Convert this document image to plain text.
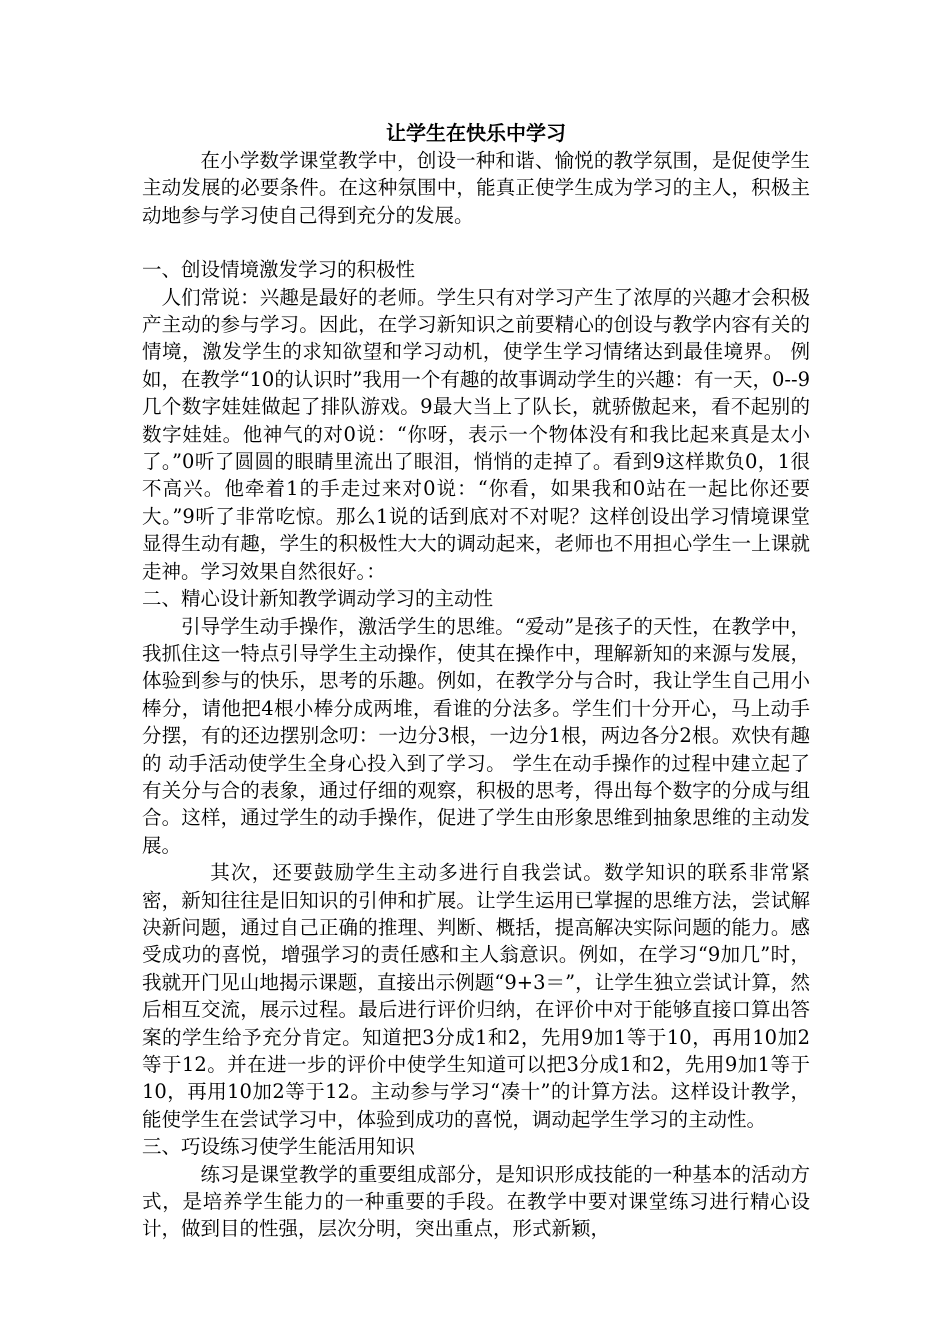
让学生在快乐中学习

在小学数学课堂教学中，创设一种和谐、愉悦的教学氛围，是促使学生主动发展的必要条件。在这种氛围中，能真正使学生成为学习的主人，积极主动地参与学习使自己得到充分的发展。

一、创设情境激发学习的积极性

人们常说：兴趣是最好的老师。学生只有对学习产生了浓厚的兴趣才会积极产主动的参与学习。因此，在学习新知识之前要精心的创设与教学内容有关的情境，激发学生的求知欲望和学习动机，使学生学习情绪达到最佳境界。 例如，在教学“10的认识时”我用一个有趣的故事调动学生的兴趣：有一天，0--9几个数字娃娃做起了排队游戏。9最大当上了队长，就骄傲起来，看不起别的数字娃娃。他神气的对0说：“你呀，表示一个物体没有和我比起来真是太小了。”0听了圆圆的眼睛里流出了眼泪，悄悄的走掉了。看到9这样欺负0，1很不高兴。他牵着1的手走过来对0说：“你看，如果我和0站在一起比你还要大。”9听了非常吃惊。那么1说的话到底对不对呢？这样创设出学习情境课堂显得生动有趣，学生的积极性大大的调动起来，老师也不用担心学生一上课就走神。学习效果自然很好。：

二、精心设计新知教学调动学习的主动性

引导学生动手操作，激活学生的思维。“爱动”是孩子的天性，在教学中，我抓住这一特点引导学生主动操作，使其在操作中，理解新知的来源与发展，体验到参与的快乐，思考的乐趣。例如，在教学分与合时，我让学生自己用小棒分，请他把4根小棒分成两堆，看谁的分法多。学生们十分开心，马上动手分摆，有的还边摆别念叨：一边分3根，一边分1根，两边各分2根。欢快有趣的 动手活动使学生全身心投入到了学习。 学生在动手操作的过程中建立起了有关分与合的表象，通过仔细的观察，积极的思考，得出每个数字的分成与组合。这样，通过学生的动手操作，促进了学生由形象思维到抽象思维的主动发展。

其次，还要鼓励学生主动多进行自我尝试。数学知识的联系非常紧密，新知往往是旧知识的引伸和扩展。让学生运用已掌握的思维方法，尝试解决新问题，通过自己正确的推理、判断、概括，提高解决实际问题的能力。感受成功的喜悦，增强学习的责任感和主人翁意识。例如，在学习“9加几”时，我就开门见山地揭示课题，直接出示例题“9+3＝”，让学生独立尝试计算，然后相互交流，展示过程。最后进行评价归纳，在评价中对于能够直接口算出答案的学生给予充分肯定。知道把3分成1和2，先用9加1等于10，再用10加2等于12。并在进一步的评价中使学生知道可以把3分成1和2，先用9加1等于10，再用10加2等于12。主动参与学习“凑十”的计算方法。这样设计教学，能使学生在尝试学习中，体验到成功的喜悦，调动起学生学习的主动性。

三、巧设练习使学生能活用知识

练习是课堂教学的重要组成部分，是知识形成技能的一种基本的活动方式，是培养学生能力的一种重要的手段。在教学中要对课堂练习进行精心设计，做到目的性强，层次分明，突出重点，形式新颖，
